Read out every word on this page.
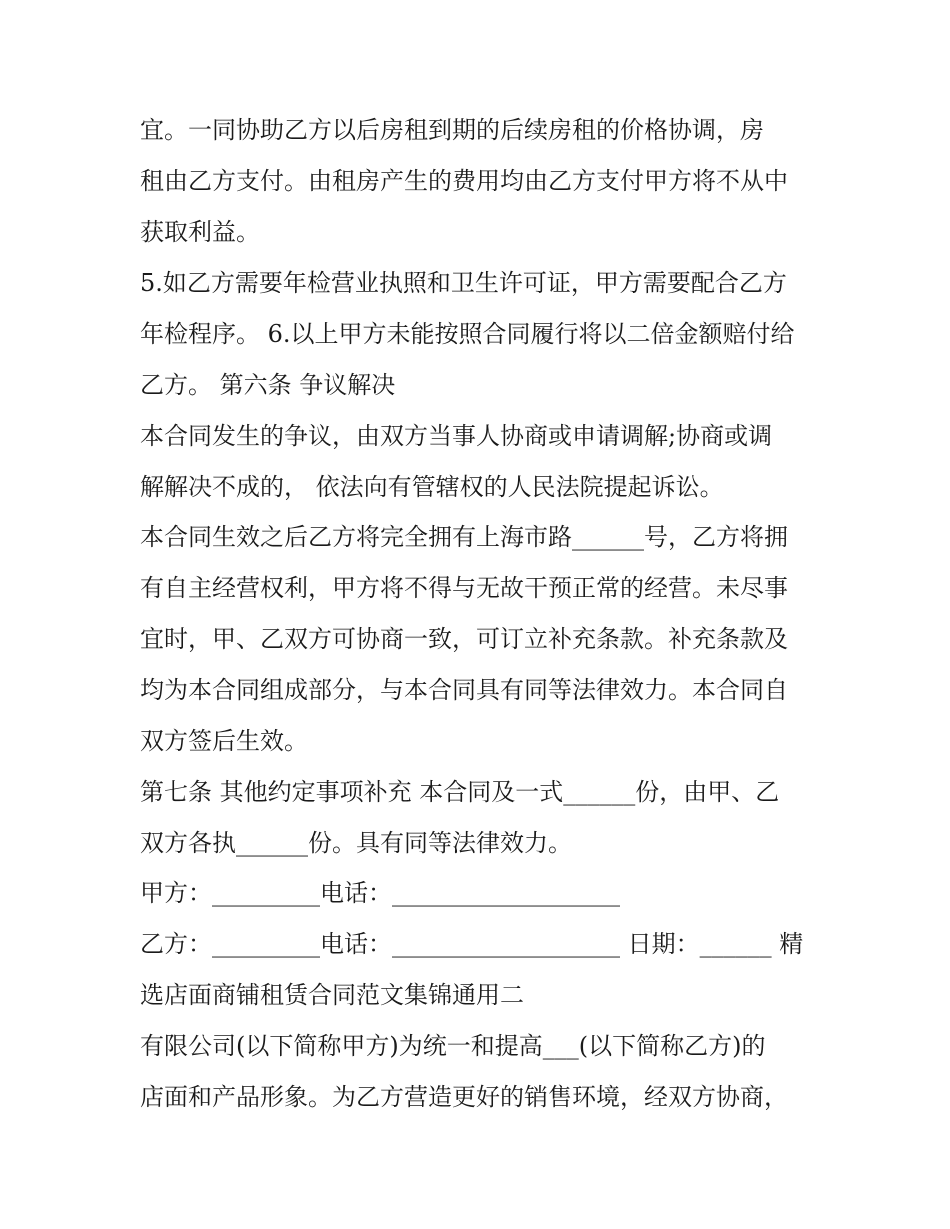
宜。一同协助乙方以后房租到期的后续房租的价格协调，房
租由乙方支付。由租房产生的费用均由乙方支付甲方将不从中
获取利益。
5.如乙方需要年检营业执照和卫生许可证，甲方需要配合乙方
年检程序。 6.以上甲方未能按照合同履行将以二倍金额赔付给
乙方。 第六条 争议解决
本合同发生的争议，由双方当事人协商或申请调解;协商或调
解解决不成的， 依法向有管辖权的人民法院提起诉讼。
本合同生效之后乙方将完全拥有上海市路______号，乙方将拥
有自主经营权利，甲方将不得与无故干预正常的经营。未尽事
宜时，甲、乙双方可协商一致，可订立补充条款。补充条款及
均为本合同组成部分，与本合同具有同等法律效力。本合同自
双方签后生效。
第七条 其他约定事项补充 本合同及一式______份，由甲、乙
双方各执______份。具有同等法律效力。
甲方：_________电话：___________________
乙方：_________电话：___________________ 日期：______ 精
选店面商铺租赁合同范文集锦通用二
有限公司(以下简称甲方)为统一和提高___(以下简称乙方)的
店面和产品形象。为乙方营造更好的销售环境，经双方协商，
